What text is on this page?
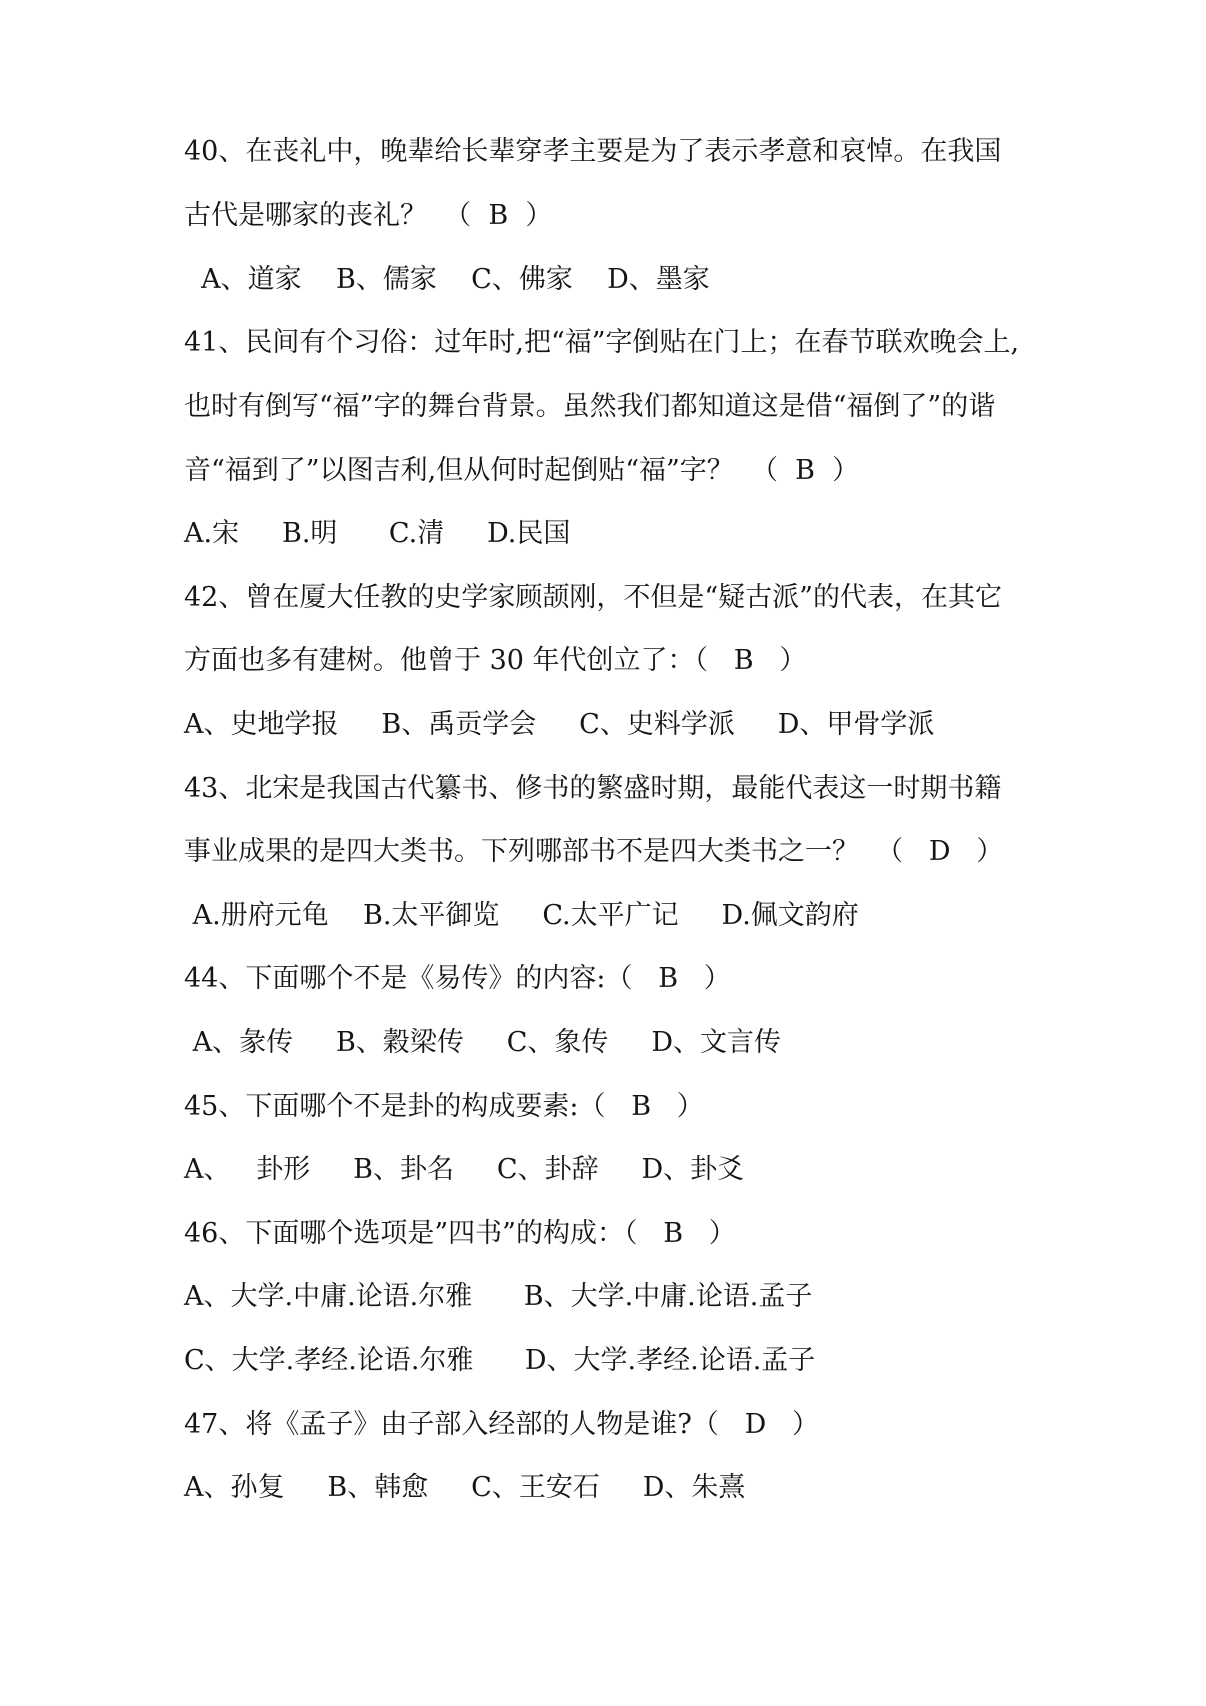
40、在丧礼中，晚辈给长辈穿孝主要是为了表示孝意和哀悼。在我国
古代是哪家的丧礼？  （  B  ）
A、道家    B、儒家    C、佛家    D、墨家
41、民间有个习俗：过年时,把“福”字倒贴在门上；在春节联欢晚会上,
也时有倒写“福”字的舞台背景。虽然我们都知道这是借“福倒了”的谐
音“福到了”以图吉利,但从何时起倒贴“福”字？  （  B  ）
A.宋     B.明      C.清     D.民国
42、曾在厦大任教的史学家顾颉刚，不但是“疑古派”的代表，在其它
方面也多有建树。他曾于 30 年代创立了：（   B   ）
A、史地学报     B、禹贡学会     C、史料学派     D、甲骨学派
43、北宋是我国古代纂书、修书的繁盛时期，最能代表这一时期书籍
事业成果的是四大类书。下列哪部书不是四大类书之一？  （   D   ）
A.册府元龟    B.太平御览     C.太平广记     D.佩文韵府
44、下面哪个不是《易传》的内容:（   B   ）
A、彖传     B、穀梁传     C、象传     D、文言传
45、下面哪个不是卦的构成要素:（   B   ）
A、   卦形     B、卦名     C、卦辞     D、卦爻
46、下面哪个选项是”四书”的构成：（   B   ）
A、大学.中庸.论语.尔雅      B、大学.中庸.论语.孟子
C、大学.孝经.论语.尔雅      D、大学.孝经.论语.孟子
47、将《孟子》由子部入经部的人物是谁?（   D   ）
A、孙复     B、韩愈     C、王安石     D、朱熹
